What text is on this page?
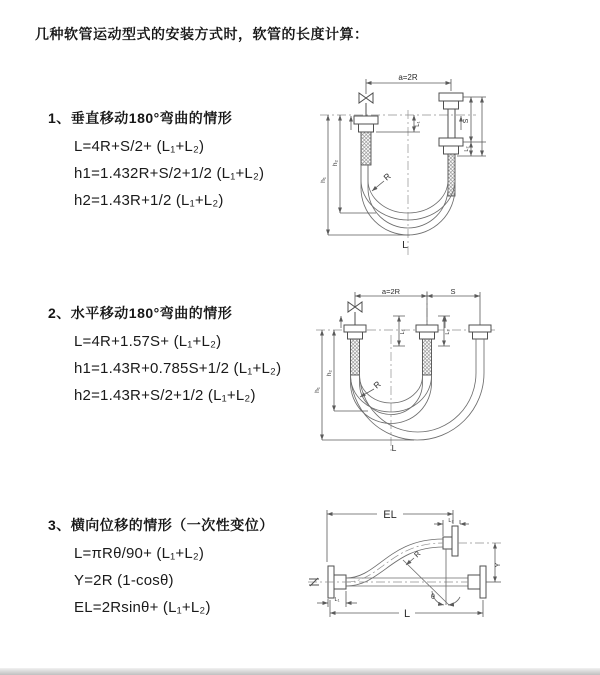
几种软管运动型式的安装方式时，软管的长度计算：
1、垂直移动180°弯曲的情形
L=4R+S/2+ (L₁+L₂)
h1=1.432R+S/2+1/2 (L₁+L₂)
h2=1.43R+1/2 (L₁+L₂)
2、水平移动180°弯曲的情形
L=4R+1.57S+ (L₁+L₂)
h1=1.43R+0.785S+1/2 (L₁+L₂)
h2=1.43R+S/2+1/2 (L₁+L₂)
3、横向位移的情形（一次性变位）
L=πRθ/90+ (L₁+L₂)
Y=2R (1-cosθ)
EL=2Rsinθ+ (L₁+L₂)
a=2R
h₁
h₂
L₁
S
L₂
R
L
a=2R	S
h₁
h₂
L₁	L₂
R
L
EL	L₂
θ
R
Y
L
L₁
